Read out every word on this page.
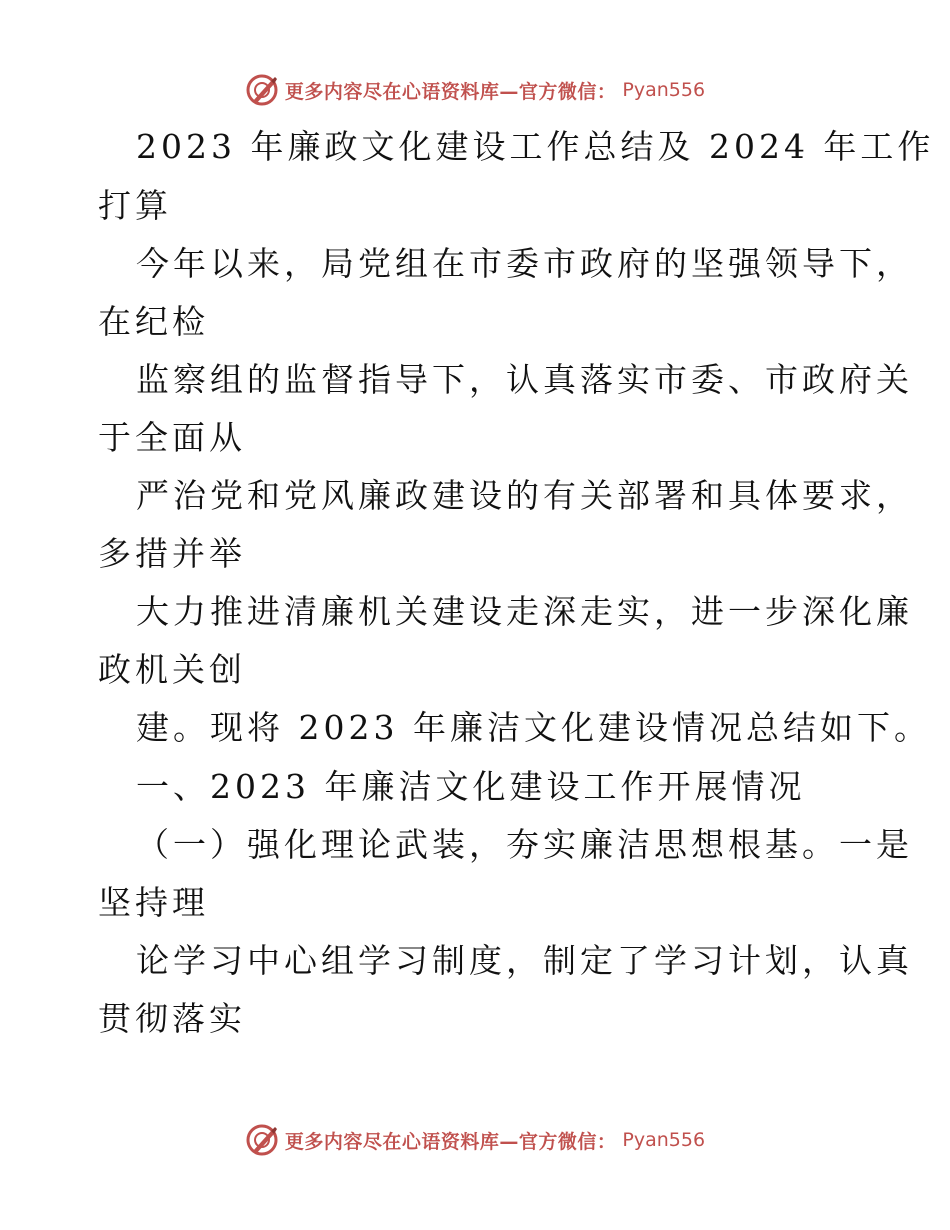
更多内容尽在心语资料库—官方微信： Pyan556
2023 年廉政文化建设工作总结及 2024 年工作
打算
今年以来，局党组在市委市政府的坚强领导下，
在纪检
监察组的监督指导下，认真落实市委、市政府关
于全面从
严治党和党风廉政建设的有关部署和具体要求，
多措并举
大力推进清廉机关建设走深走实，进一步深化廉
政机关创
建。现将 2023 年廉洁文化建设情况总结如下。
一、2023 年廉洁文化建设工作开展情况
（一）强化理论武装，夯实廉洁思想根基。一是
坚持理
论学习中心组学习制度，制定了学习计划，认真
贯彻落实
更多内容尽在心语资料库—官方微信： Pyan556
